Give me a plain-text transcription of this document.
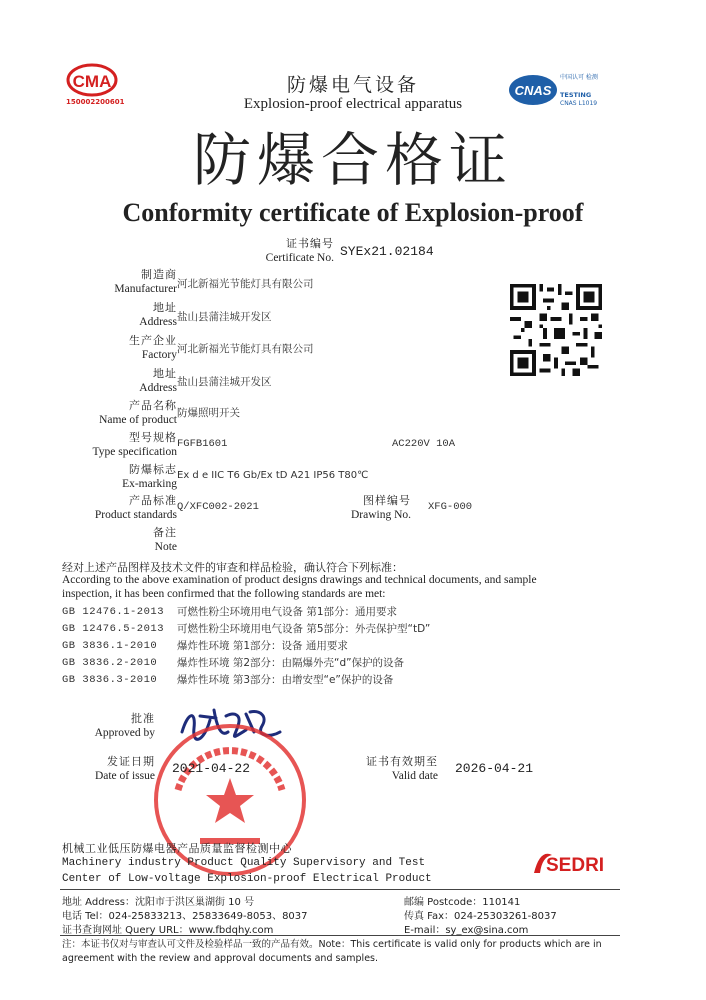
CMA
150002200601
防爆电气设备
Explosion-proof electrical apparatus
CNAS
中国认可 检测
TESTING
CNAS L1019
防爆合格证
Conformity certificate of Explosion-proof
证书编号
Certificate No. SYEx21.02184
制造商
Manufacturer 河北新福光节能灯具有限公司
地址
Address 盐山县蒲洼城开发区
生产企业
Factory 河北新福光节能灯具有限公司
地址
Address 盐山县蒲洼城开发区
产品名称
Name of product
防爆照明开关
型号规格
Type specification
FGFB1601	AC220V 10A
防爆标志
Ex-marking
Ex d e IIC T6 Gb/Ex tD A21 IP56 T80℃
产品标准
Product standards
Q/XFC002-2021	图样编号
Drawing No.
XFG-000
备注
Note
经对上述产品图样及技术文件的审查和样品检验，确认符合下列标准：
According to the above examination of product designs drawings and technical documents, and sample
inspection, it has been confirmed that the following standards are met:
GB 12476.1-2013	可燃性粉尘环境用电气设备 第1部分：通用要求
GB 12476.5-2013	可燃性粉尘环境用电气设备 第5部分：外壳保护型“tD”
GB 3836.1-2010	爆炸性环境 第1部分：设备 通用要求
GB 3836.2-2010	爆炸性环境 第2部分：由隔爆外壳“d”保护的设备
GB 3836.3-2010	爆炸性环境 第3部分：由增安型“e”保护的设备
批准
Approved by
发证日期
Date of issue 2021-04-22	证书有效期至
Valid date 2026-04-21
机械工业低压防爆电器产品质量监督检测中心
Machinery industry Product Quality Supervisory and Test
Center of Low-voltage Explosion-proof Electrical Product
SEDRI
地址 Address：沈阳市于洪区巢湖街 10 号	邮编 Postcode：110141
电话 Tel：024-25833213、25833649-8053、8037	传真 Fax：024-25303261-8037
证书查询网址 Query URL：www.fbdqhy.com	E-mail：sy_ex@sina.com
注：本证书仅对与审查认可文件及检验样品一致的产品有效。Note：This certificate is valid only for products which are in agreement with the review and approval documents and samples.
